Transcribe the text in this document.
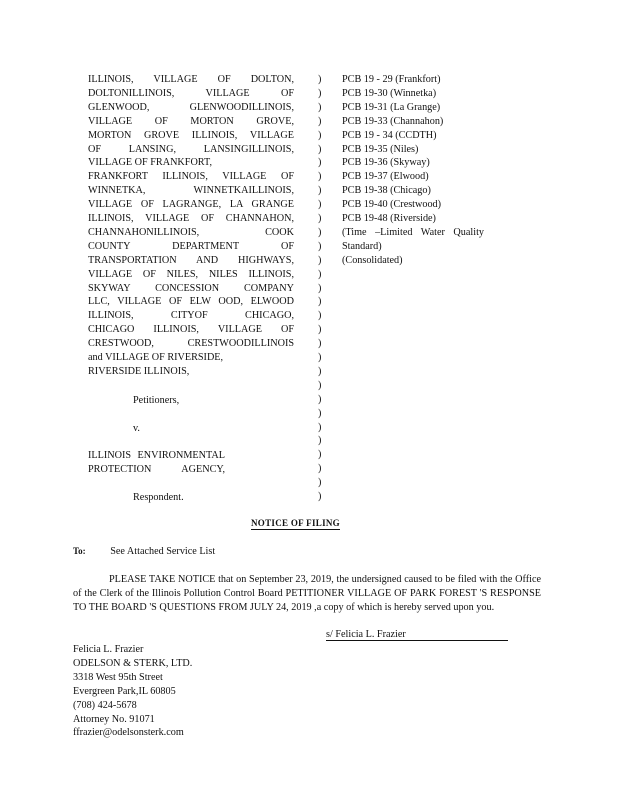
ILLINOIS, VILLAGE OF DOLTON,
DOLTONILLINOIS, VILLAGE OF
GLENWOOD, GLENWOODILLINOIS,
VILLAGE OF MORTON GROVE,
MORTON GROVE ILLINOIS, VILLAGE
OF LANSING, LANSINGILLINOIS,
VILLAGE OF FRANKFORT,
FRANKFORT ILLINOIS, VILLAGE OF
WINNETKA, WINNETKAILLINOIS,
VILLAGE OF LAGRANGE, LA GRANGE
ILLINOIS, VILLAGE OF CHANNAHON,
CHANNAHONILLINOIS, COOK
COUNTY DEPARTMENT OF
TRANSPORTATION AND HIGHWAYS,
VILLAGE OF NILES, NILES ILLINOIS,
SKYWAY CONCESSION COMPANY
LLC, VILLAGE OF ELW OOD, ELWOOD
ILLINOIS, CITYOF CHICAGO,
CHICAGO ILLINOIS, VILLAGE OF
CRESTWOOD, CRESTWOODILLINOIS
and VILLAGE OF RIVERSIDE,
RIVERSIDE ILLINOIS,
Petitioners,
v.
ILLINOIS ENVIRONMENTAL
PROTECTION AGENCY,
Respondent.
)
)
)
)
)
)
)
)
)
)
)
)
)
)
)
)
)
)
)
)
)
)
)
)
)
)
)
)
)
)
)
PCB 19 - 29 (Frankfort)
PCB 19-30 (Winnetka)
PCB 19-31 (La Grange)
PCB 19-33 (Channahon)
PCB 19 - 34 (CCDTH)
PCB 19-35 (Niles)
PCB 19-36 (Skyway)
PCB 19-37 (Elwood)
PCB 19-38 (Chicago)
PCB 19-40 (Crestwood)
PCB 19-48 (Riverside)
(Time –Limited Water Quality
Standard)
(Consolidated)
NOTICE OF FILING
To: See Attached Service List
PLEASE TAKE NOTICE that on September 23, 2019, the undersigned caused to be filed with the Office of the Clerk of the Illinois Pollution Control Board PETITIONER VILLAGE OF PARK FOREST 'S RESPONSE TO THE BOARD 'S QUESTIONS FROM JULY 24, 2019 ,a copy of which is hereby served upon you.
s/ Felicia L. Frazier
Felicia L. Frazier
ODELSON & STERK, LTD.
3318 West 95th Street
Evergreen Park,IL 60805
(708) 424-5678
Attorney No. 91071
ffrazier@odelsonsterk.com
